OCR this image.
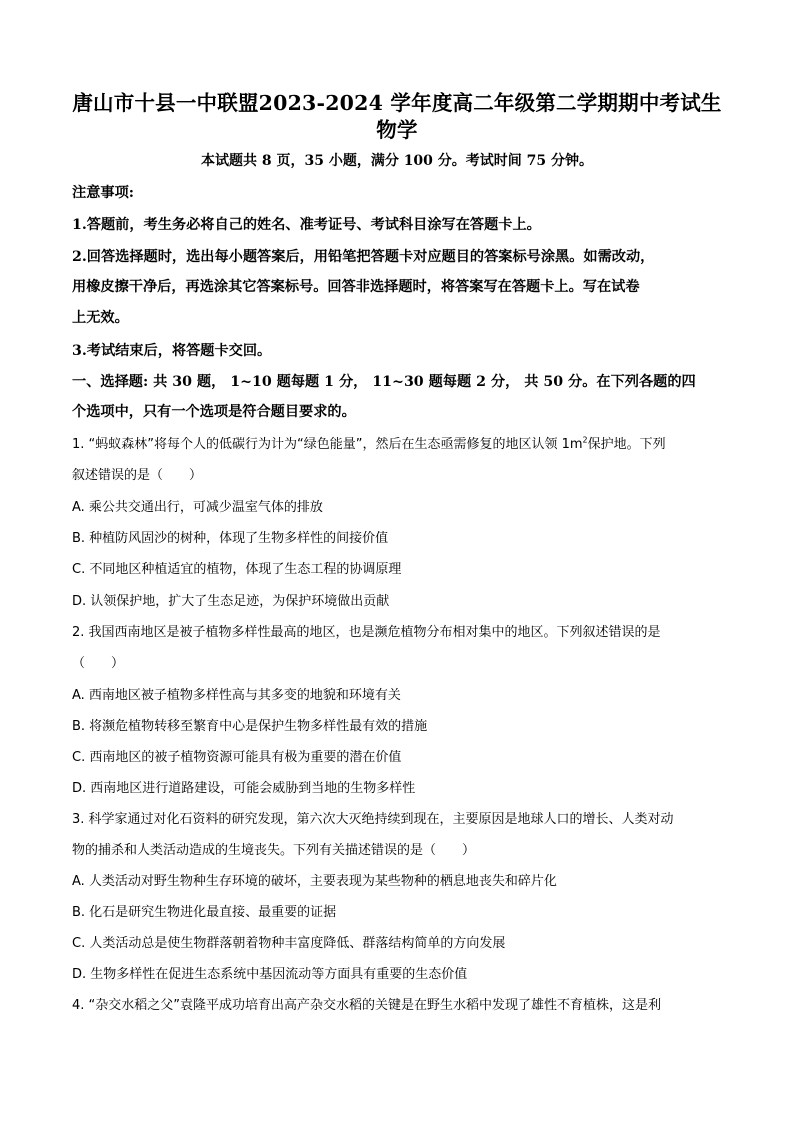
唐山市十县一中联盟2023-2024 学年度高二年级第二学期期中考试生
物学
本试题共 8 页，35 小题，满分 100 分。考试时间 75 分钟。
注意事项:
1.答题前，考生务必将自己的姓名、准考证号、考试科目涂写在答题卡上。
2.回答选择题时，选出每小题答案后，用铅笔把答题卡对应题目的答案标号涂黑。如需改动，
用橡皮擦干净后，再选涂其它答案标号。回答非选择题时，将答案写在答题卡上。写在试卷
上无效。
3.考试结束后，将答题卡交回。
一、选择题: 共 30 题， 1~10 题每题 1 分， 11~30 题每题 2 分， 共 50 分。在下列各题的四
个选项中，只有一个选项是符合题目要求的。
1. “蚂蚁森林”将每个人的低碳行为计为“绿色能量”，然后在生态亟需修复的地区认领 $1m^2$保护地。下列
叙述错误的是（　　）
A. 乘公共交通出行，可减少温室气体的排放
B. 种植防风固沙的树种，体现了生物多样性的间接价值
C. 不同地区种植适宜的植物，体现了生态工程的协调原理
D. 认领保护地，扩大了生态足迹，为保护环境做出贡献
2. 我国西南地区是被子植物多样性最高的地区，也是濒危植物分布相对集中的地区。下列叙述错误的是
（　　）
A. 西南地区被子植物多样性高与其多变的地貌和环境有关
B. 将濒危植物转移至繁育中心是保护生物多样性最有效的措施
C. 西南地区的被子植物资源可能具有极为重要的潜在价值
D. 西南地区进行道路建设，可能会威胁到当地的生物多样性
3. 科学家通过对化石资料的研究发现，第六次大灭绝持续到现在，主要原因是地球人口的增长、人类对动
物的捕杀和人类活动造成的生境丧失。下列有关描述错误的是（　　）
A. 人类活动对野生物种生存环境的破坏，主要表现为某些物种的栖息地丧失和碎片化
B. 化石是研究生物进化最直接、最重要的证据
C. 人类活动总是使生物群落朝着物种丰富度降低、群落结构简单的方向发展
D. 生物多样性在促进生态系统中基因流动等方面具有重要的生态价值
4. “杂交水稻之父”袁隆平成功培育出高产杂交水稻的关键是在野生水稻中发现了雄性不育植株，这是利
